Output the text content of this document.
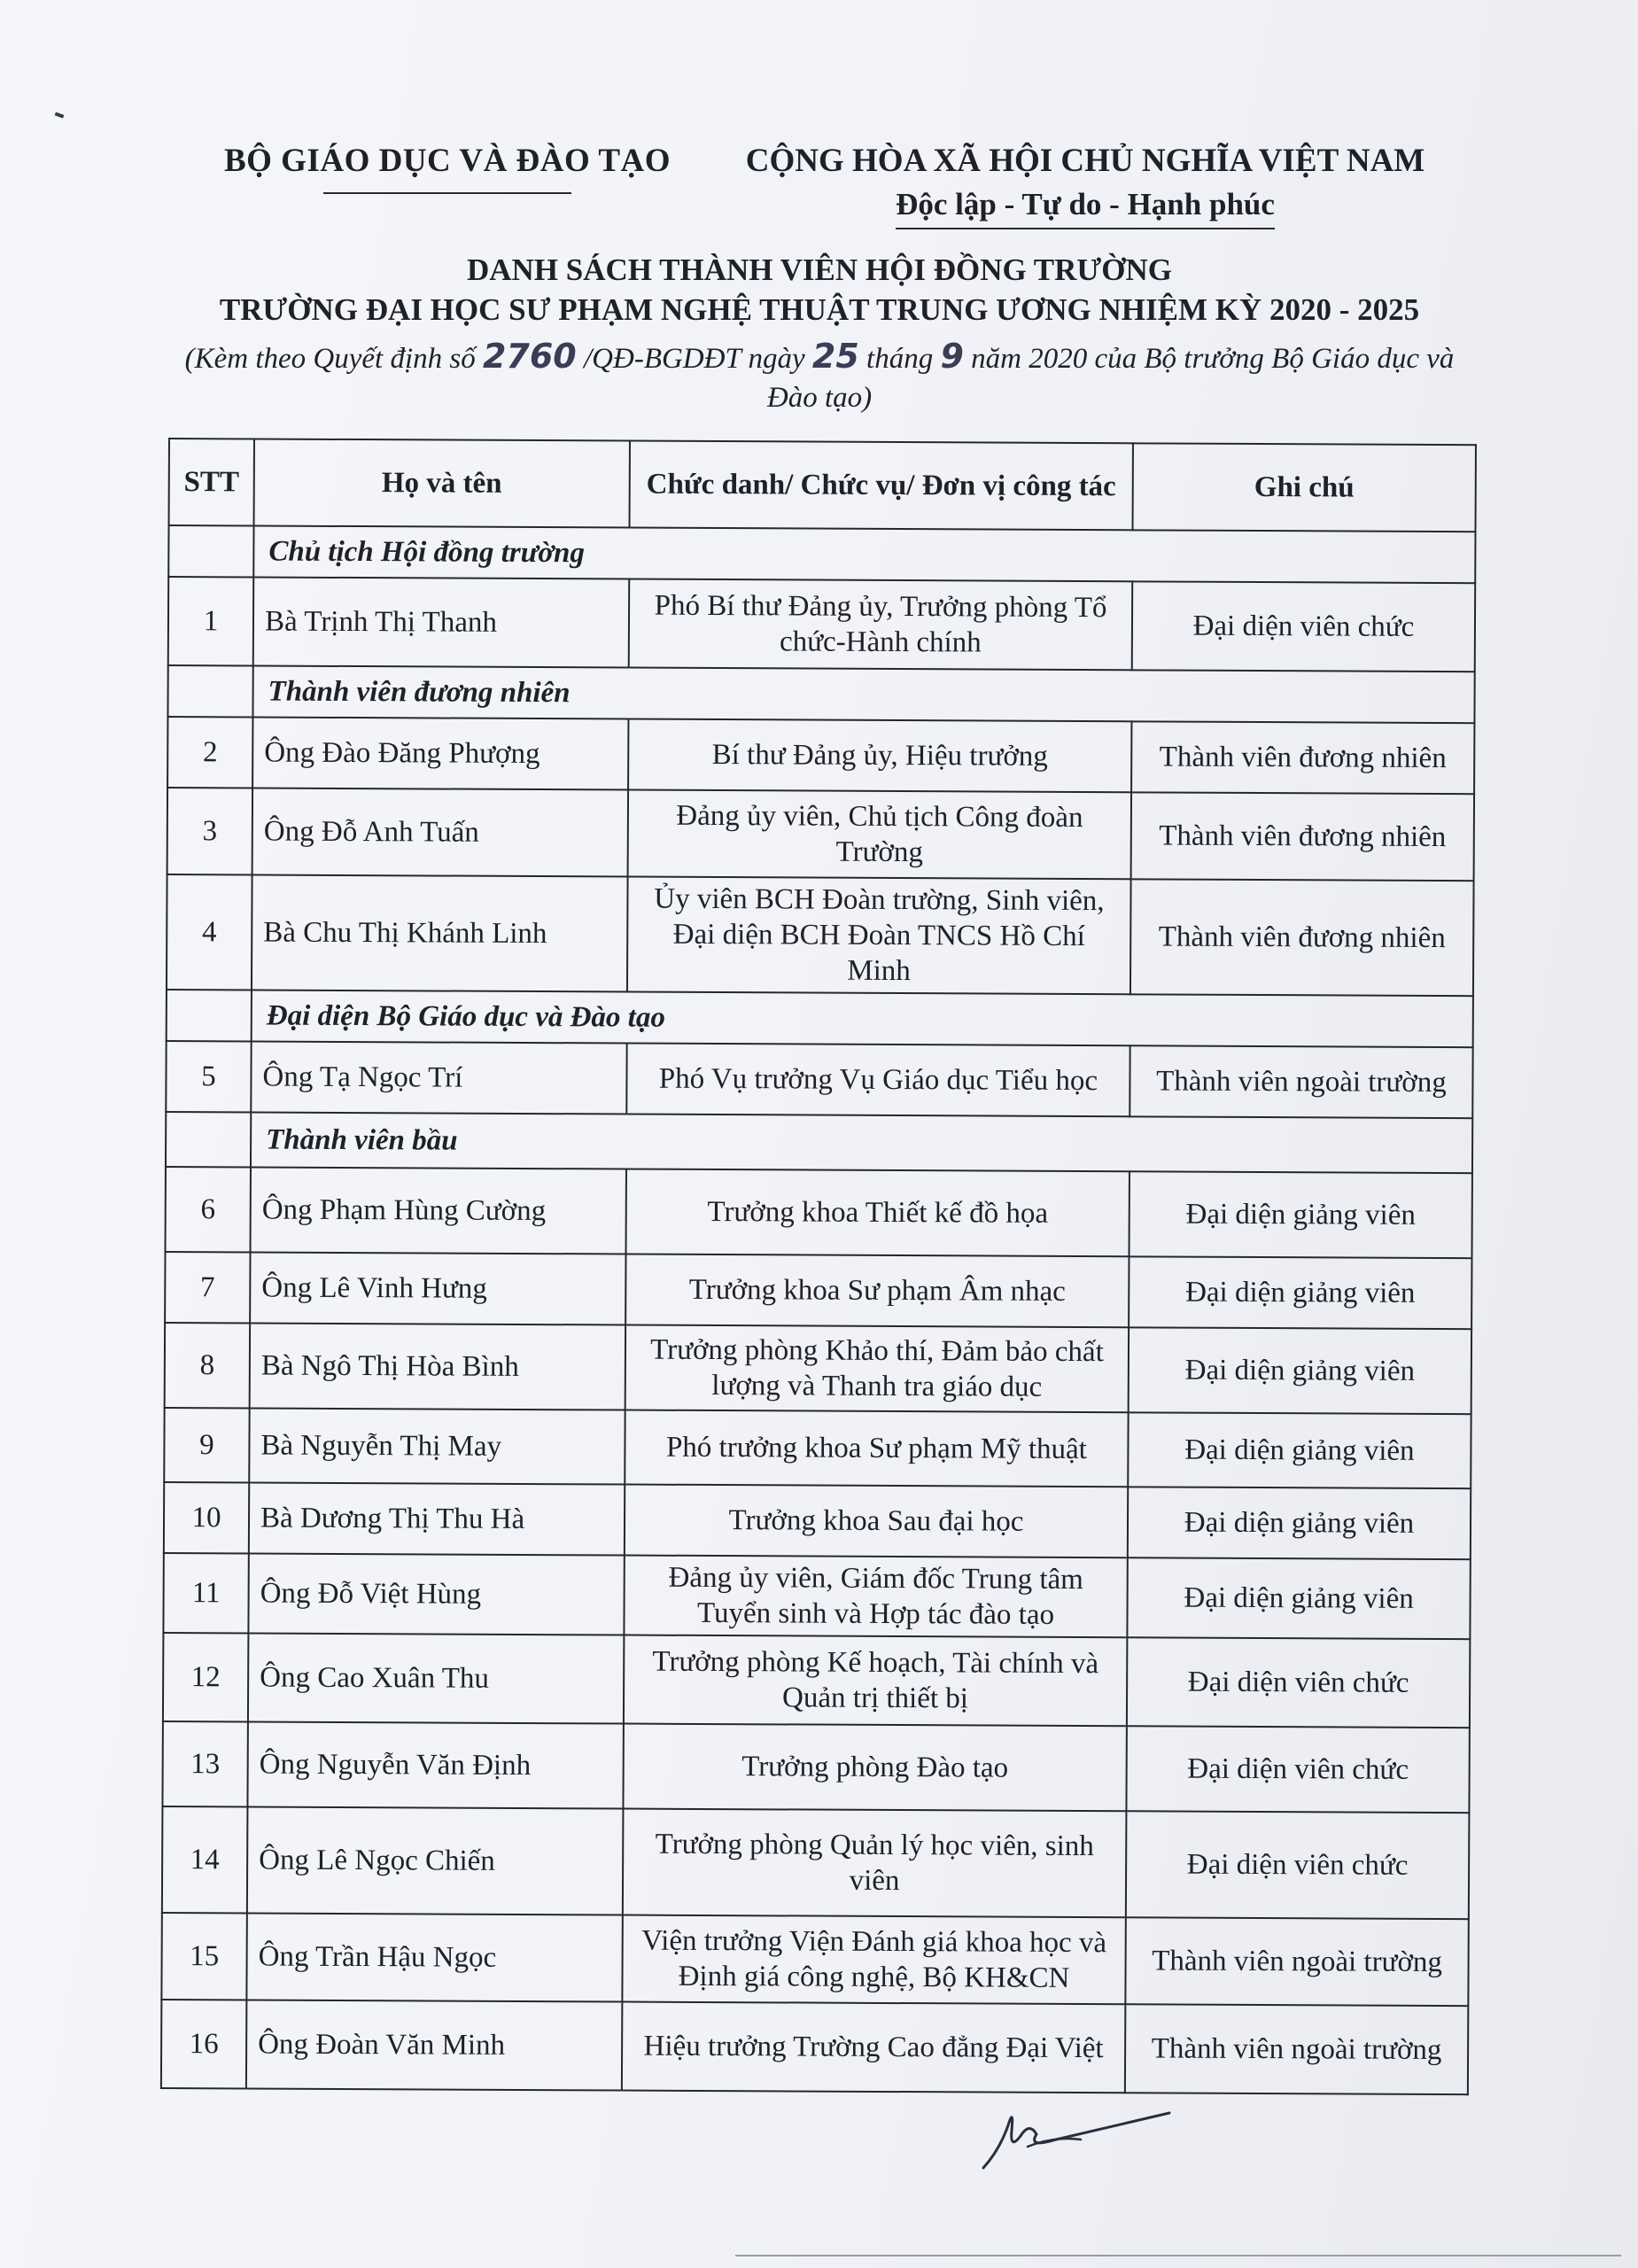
BỘ GIÁO DỤC VÀ ĐÀO TẠO	CỘNG HÒA XÃ HỘI CHỦ NGHĨA VIỆT NAM
Độc lập - Tự do - Hạnh phúc
DANH SÁCH THÀNH VIÊN HỘI ĐỒNG TRƯỜNG
TRƯỜNG ĐẠI HỌC SƯ PHẠM NGHỆ THUẬT TRUNG ƯƠNG NHIỆM KỲ 2020 - 2025
(Kèm theo Quyết định số 2760 /QĐ-BGDĐT ngày 25 tháng 9 năm 2020 của Bộ trưởng Bộ Giáo dục và Đào tạo)
STT	Họ và tên	Chức danh/ Chức vụ/ Đơn vị công tác	Ghi chú
	Chủ tịch Hội đồng trường		
1	Bà Trịnh Thị Thanh	Phó Bí thư Đảng ủy, Trưởng phòng Tổ chức-Hành chính	Đại diện viên chức
	Thành viên đương nhiên		
2	Ông Đào Đăng Phượng	Bí thư Đảng ủy, Hiệu trưởng	Thành viên đương nhiên
3	Ông Đỗ Anh Tuấn	Đảng ủy viên, Chủ tịch Công đoàn Trường	Thành viên đương nhiên
4	Bà Chu Thị Khánh Linh	Ủy viên BCH Đoàn trường, Sinh viên, Đại diện BCH Đoàn TNCS Hồ Chí Minh	Thành viên đương nhiên
	Đại diện Bộ Giáo dục và Đào tạo		
5	Ông Tạ Ngọc Trí	Phó Vụ trưởng Vụ Giáo dục Tiểu học	Thành viên ngoài trường
	Thành viên bầu		
6	Ông Phạm Hùng Cường	Trưởng khoa Thiết kế đồ họa	Đại diện giảng viên
7	Ông Lê Vinh Hưng	Trưởng khoa Sư phạm Âm nhạc	Đại diện giảng viên
8	Bà Ngô Thị Hòa Bình	Trưởng phòng Khảo thí, Đảm bảo chất lượng và Thanh tra giáo dục	Đại diện giảng viên
9	Bà Nguyễn Thị May	Phó trưởng khoa Sư phạm Mỹ thuật	Đại diện giảng viên
10	Bà Dương Thị Thu Hà	Trưởng khoa Sau đại học	Đại diện giảng viên
11	Ông Đỗ Việt Hùng	Đảng ủy viên, Giám đốc Trung tâm Tuyển sinh và Hợp tác đào tạo	Đại diện giảng viên
12	Ông Cao Xuân Thu	Trưởng phòng Kế hoạch, Tài chính và Quản trị thiết bị	Đại diện viên chức
13	Ông Nguyễn Văn Định	Trưởng phòng Đào tạo	Đại diện viên chức
14	Ông Lê Ngọc Chiến	Trưởng phòng Quản lý học viên, sinh viên	Đại diện viên chức
15	Ông Trần Hậu Ngọc	Viện trưởng Viện Đánh giá khoa học và Định giá công nghệ, Bộ KH&CN	Thành viên ngoài trường
16	Ông Đoàn Văn Minh	Hiệu trưởng Trường Cao đẳng Đại Việt	Thành viên ngoài trường
